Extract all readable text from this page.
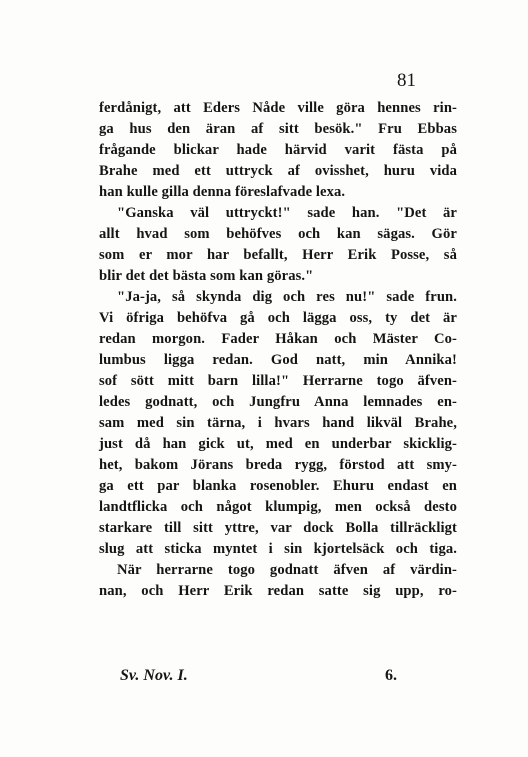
81
ferdånigt, att Eders Nåde ville göra hennes rin-
ga hus den äran af sitt besök." Fru Ebbas
frågande blickar hade härvid varit fästa på
Brahe med ett uttryck af ovisshet, huru vida
han kulle gilla denna föreslafvade lexa.
"Ganska väl uttryckt!" sade han. "Det är
allt hvad som behöfves och kan sägas. Gör
som er mor har befallt, Herr Erik Posse, så
blir det det bästa som kan göras."
"Ja-ja, så skynda dig och res nu!" sade frun.
Vi öfriga behöfva gå och lägga oss, ty det är
redan morgon. Fader Håkan och Mäster Co-
lumbus ligga redan. God natt, min Annika!
sof sött mitt barn lilla!" Herrarne togo äfven-
ledes godnatt, och Jungfru Anna lemnades en-
sam med sin tärna, i hvars hand likväl Brahe,
just då han gick ut, med en underbar skicklig-
het, bakom Jörans breda rygg, förstod att smy-
ga ett par blanka rosenobler. Ehuru endast en
landtflicka och något klumpig, men också desto
starkare till sitt yttre, var dock Bolla tillräckligt
slug att sticka myntet i sin kjortelsäck och tiga.
När herrarne togo godnatt äfven af värdin-
nan, och Herr Erik redan satte sig upp, ro-
Sv. Nov. I.	6.
